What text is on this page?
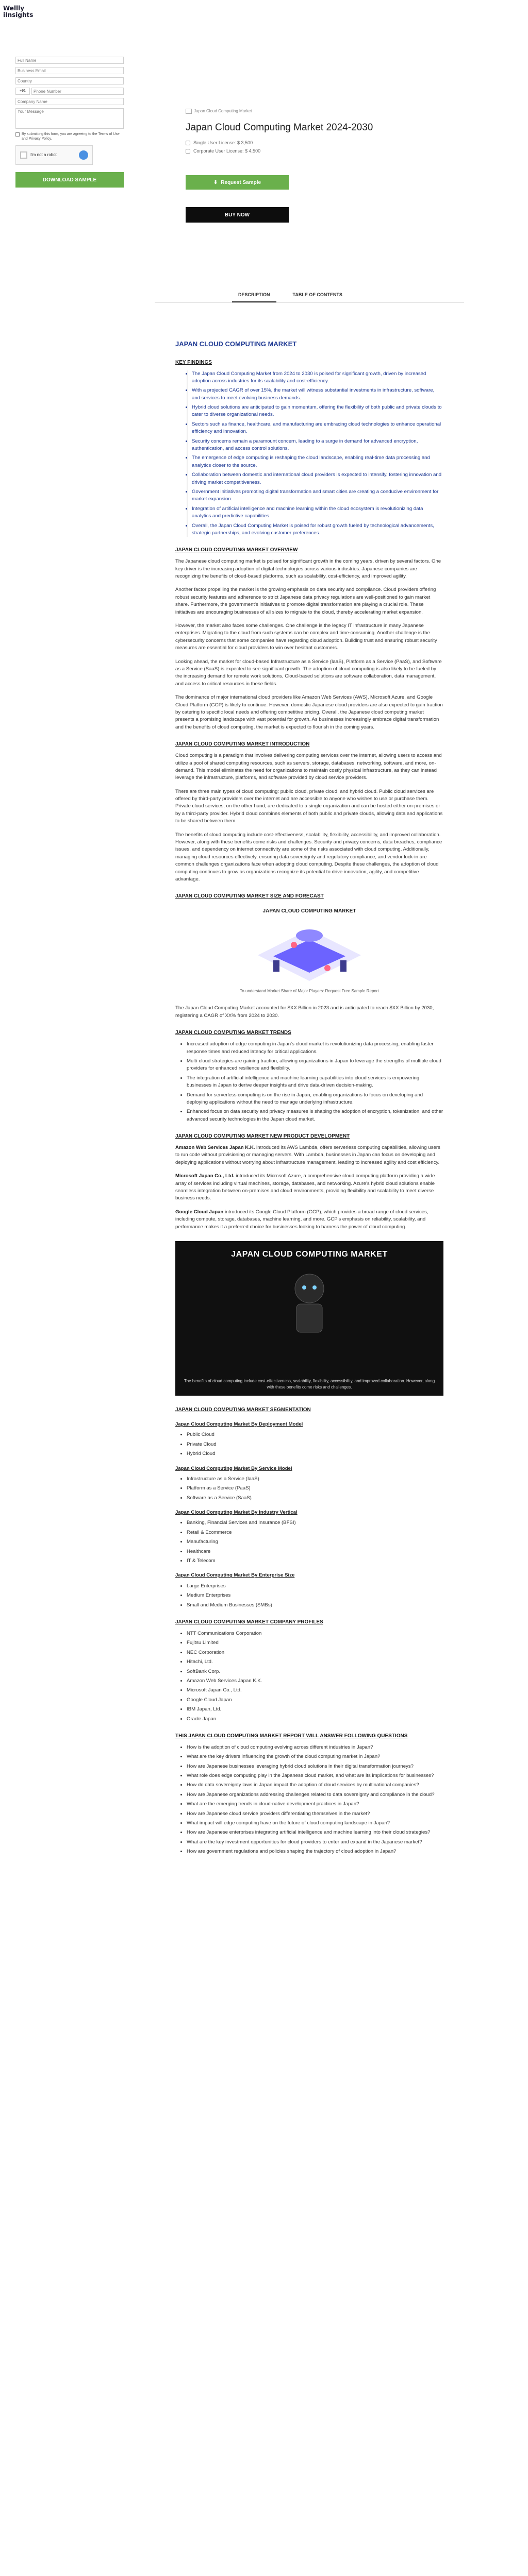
Wellly
iInsights
Full Name
Business Email
Country
+91
Phone Number
Company Name
Your Message
By submitting this form, you are agreeing to the Terms of Use and Privacy Policy.
I'm not a robot
DOWNLOAD SAMPLE
Japan Cloud Computing Market
Japan Cloud Computing Market 2024-2030
Single User License: $ 3,500
Corporate User License: $ 4,500
⬇ Request Sample
BUY NOW
DESCRIPTION	TABLE OF CONTENTS
JAPAN CLOUD COMPUTING MARKET
KEY FINDINGS
• The Japan Cloud Computing Market from 2024 to 2030 is poised for significant growth, driven by increased adoption across industries for its scalability and cost-efficiency.
• With a projected CAGR of over 15%, the market will witness substantial investments in infrastructure, software, and services to meet evolving business demands.
• Hybrid cloud solutions are anticipated to gain momentum, offering the flexibility of both public and private clouds to cater to diverse organizational needs.
• Sectors such as finance, healthcare, and manufacturing are embracing cloud technologies to enhance operational efficiency and innovation.
• Security concerns remain a paramount concern, leading to a surge in demand for advanced encryption, authentication, and access control solutions.
• The emergence of edge computing is reshaping the cloud landscape, enabling real-time data processing and analytics closer to the source.
• Collaboration between domestic and international cloud providers is expected to intensify, fostering innovation and driving market competitiveness.
• Government initiatives promoting digital transformation and smart cities are creating a conducive environment for market expansion.
• Integration of artificial intelligence and machine learning within the cloud ecosystem is revolutionizing data analytics and predictive capabilities.
• Overall, the Japan Cloud Computing Market is poised for robust growth fueled by technological advancements, strategic partnerships, and evolving customer preferences.
JAPAN CLOUD COMPUTING MARKET OVERVIEW

The Japanese cloud computing market is poised for significant growth in the coming years, driven by several factors. One key driver is the increasing adoption of digital technologies across various industries. Japanese companies are recognizing the benefits of cloud-based platforms, such as scalability, cost-efficiency, and improved agility.

Another factor propelling the market is the growing emphasis on data security and compliance. Cloud providers offering robust security features and adherence to strict Japanese data privacy regulations are well-positioned to gain market share. Furthermore, the government's initiatives to promote digital transformation are playing a crucial role. These initiatives are encouraging businesses of all sizes to migrate to the cloud, thereby accelerating market expansion.

However, the market also faces some challenges. One challenge is the legacy IT infrastructure in many Japanese enterprises. Migrating to the cloud from such systems can be complex and time-consuming. Another challenge is the cybersecurity concerns that some companies have regarding cloud adoption. Building trust and ensuring robust security measures are essential for cloud providers to win over hesitant customers.

Looking ahead, the market for cloud-based Infrastructure as a Service (IaaS), Platform as a Service (PaaS), and Software as a Service (SaaS) is expected to see significant growth. The adoption of cloud computing is also likely to be fueled by the increasing demand for remote work solutions, Cloud-based solutions are software collaboration, data management, and access to critical resources in these fields.

The dominance of major international cloud providers like Amazon Web Services (AWS), Microsoft Azure, and Google Cloud Platform (GCP) is likely to continue. However, domestic Japanese cloud providers are also expected to gain traction by catering to specific local needs and offering competitive pricing. Overall, the Japanese cloud computing market presents a promising landscape with vast potential for growth. As businesses increasingly embrace digital transformation and the benefits of cloud computing, the market is expected to flourish in the coming years.

JAPAN CLOUD COMPUTING MARKET INTRODUCTION

Cloud computing is a paradigm that involves delivering computing services over the internet, allowing users to access and utilize a pool of shared computing resources, such as servers, storage, databases, networking, software, and more, on-demand. This model eliminates the need for organizations to maintain costly physical infrastructure, as they can instead leverage the infrastructure, platforms, and software provided by cloud service providers.

There are three main types of cloud computing: public cloud, private cloud, and hybrid cloud. Public cloud services are offered by third-party providers over the internet and are accessible to anyone who wishes to use or purchase them. Private cloud services, on the other hand, are dedicated to a single organization and can be hosted either on-premises or by a third-party provider. Hybrid cloud combines elements of both public and private clouds, allowing data and applications to be shared between them.

The benefits of cloud computing include cost-effectiveness, scalability, flexibility, accessibility, and improved collaboration. However, along with these benefits come risks and challenges. Security and privacy concerns, data breaches, compliance issues, and dependency on internet connectivity are some of the risks associated with cloud computing. Additionally, managing cloud resources effectively, ensuring data sovereignty and regulatory compliance, and vendor lock-in are common challenges organizations face when adopting cloud computing. Despite these challenges, the adoption of cloud computing continues to grow as organizations recognize its potential to drive innovation, agility, and competitive advantage.

JAPAN CLOUD COMPUTING MARKET SIZE AND FORECAST
JAPAN CLOUD COMPUTING MARKET
To understand Market Share of Major Players: Request Free Sample Report

The Japan Cloud Computing Market accounted for $XX Billion in 2023 and is anticipated to reach $XX Billion by 2030, registering a CAGR of XX% from 2024 to 2030.

JAPAN CLOUD COMPUTING MARKET TRENDS
• Increased adoption of edge computing in Japan's cloud market is revolutionizing data processing, enabling faster response times and reduced latency for critical applications.
• Multi-cloud strategies are gaining traction, allowing organizations in Japan to leverage the strengths of multiple cloud providers for enhanced resilience and flexibility.
• The integration of artificial intelligence and machine learning capabilities into cloud services is empowering businesses in Japan to derive deeper insights and drive data-driven decision-making.
• Demand for serverless computing is on the rise in Japan, enabling organizations to focus on developing and deploying applications without the need to manage underlying infrastructure.
• Enhanced focus on data security and privacy measures is shaping the adoption of encryption, tokenization, and other advanced security technologies in the Japan cloud market.
JAPAN CLOUD COMPUTING MARKET NEW PRODUCT DEVELOPMENT

Amazon Web Services Japan K.K. introduced its AWS Lambda, offers serverless computing capabilities, allowing users to run code without provisioning or managing servers. With Lambda, businesses in Japan can focus on developing and deploying applications without worrying about infrastructure management, leading to increased agility and cost efficiency.

Microsoft Japan Co., Ltd. introduced its Microsoft Azure, a comprehensive cloud computing platform providing a wide array of services including virtual machines, storage, databases, and networking. Azure's hybrid cloud solutions enable seamless integration between on-premises and cloud environments, providing flexibility and scalability to meet diverse business needs.

Google Cloud Japan introduced its Google Cloud Platform (GCP), which provides a broad range of cloud services, including compute, storage, databases, machine learning, and more. GCP's emphasis on reliability, scalability, and performance makes it a preferred choice for businesses looking to harness the power of cloud computing.

JAPAN CLOUD COMPUTING MARKET
The benefits of cloud computing include cost-effectiveness, scalability, flexibility, accessibility, and improved collaboration. However, along with these benefits come risks and challenges.
JAPAN CLOUD COMPUTING MARKET SEGMENTATION
Japan Cloud Computing Market By Deployment Model
• Public Cloud
• Private Cloud
• Hybrid Cloud
Japan Cloud Computing Market By Service Model
• Infrastructure as a Service (IaaS)
• Platform as a Service (PaaS)
• Software as a Service (SaaS)
Japan Cloud Computing Market By Industry Vertical
• Banking, Financial Services and Insurance (BFSI)
• Retail & Ecommerce
• Manufacturing
• Healthcare
• IT & Telecom
Japan Cloud Computing Market By Enterprise Size
• Large Enterprises
• Medium Enterprises
• Small and Medium Businesses (SMBs)
JAPAN CLOUD COMPUTING MARKET COMPANY PROFILES
• NTT Communications Corporation
• Fujitsu Limited
• NEC Corporation
• Hitachi, Ltd.
• SoftBank Corp.
• Amazon Web Services Japan K.K.
• Microsoft Japan Co., Ltd.
• Google Cloud Japan
• IBM Japan, Ltd.
• Oracle Japan
THIS JAPAN CLOUD COMPUTING MARKET REPORT WILL ANSWER FOLLOWING QUESTIONS
• How is the adoption of cloud computing evolving across different industries in Japan?
• What are the key drivers influencing the growth of the cloud computing market in Japan?
• How are Japanese businesses leveraging hybrid cloud solutions in their digital transformation journeys?
• What role does edge computing play in the Japanese cloud market, and what are its implications for businesses?
• How do data sovereignty laws in Japan impact the adoption of cloud services by multinational companies?
• How are Japanese organizations addressing challenges related to data sovereignty and compliance in the cloud?
• What are the emerging trends in cloud-native development practices in Japan?
• How are Japanese cloud service providers differentiating themselves in the market?
• What impact will edge computing have on the future of cloud computing landscape in Japan?
• How are Japanese enterprises integrating artificial intelligence and machine learning into their cloud strategies?
• What are the key investment opportunities for cloud providers to enter and expand in the Japanese market?
• How are government regulations and policies shaping the trajectory of cloud adoption in Japan?
